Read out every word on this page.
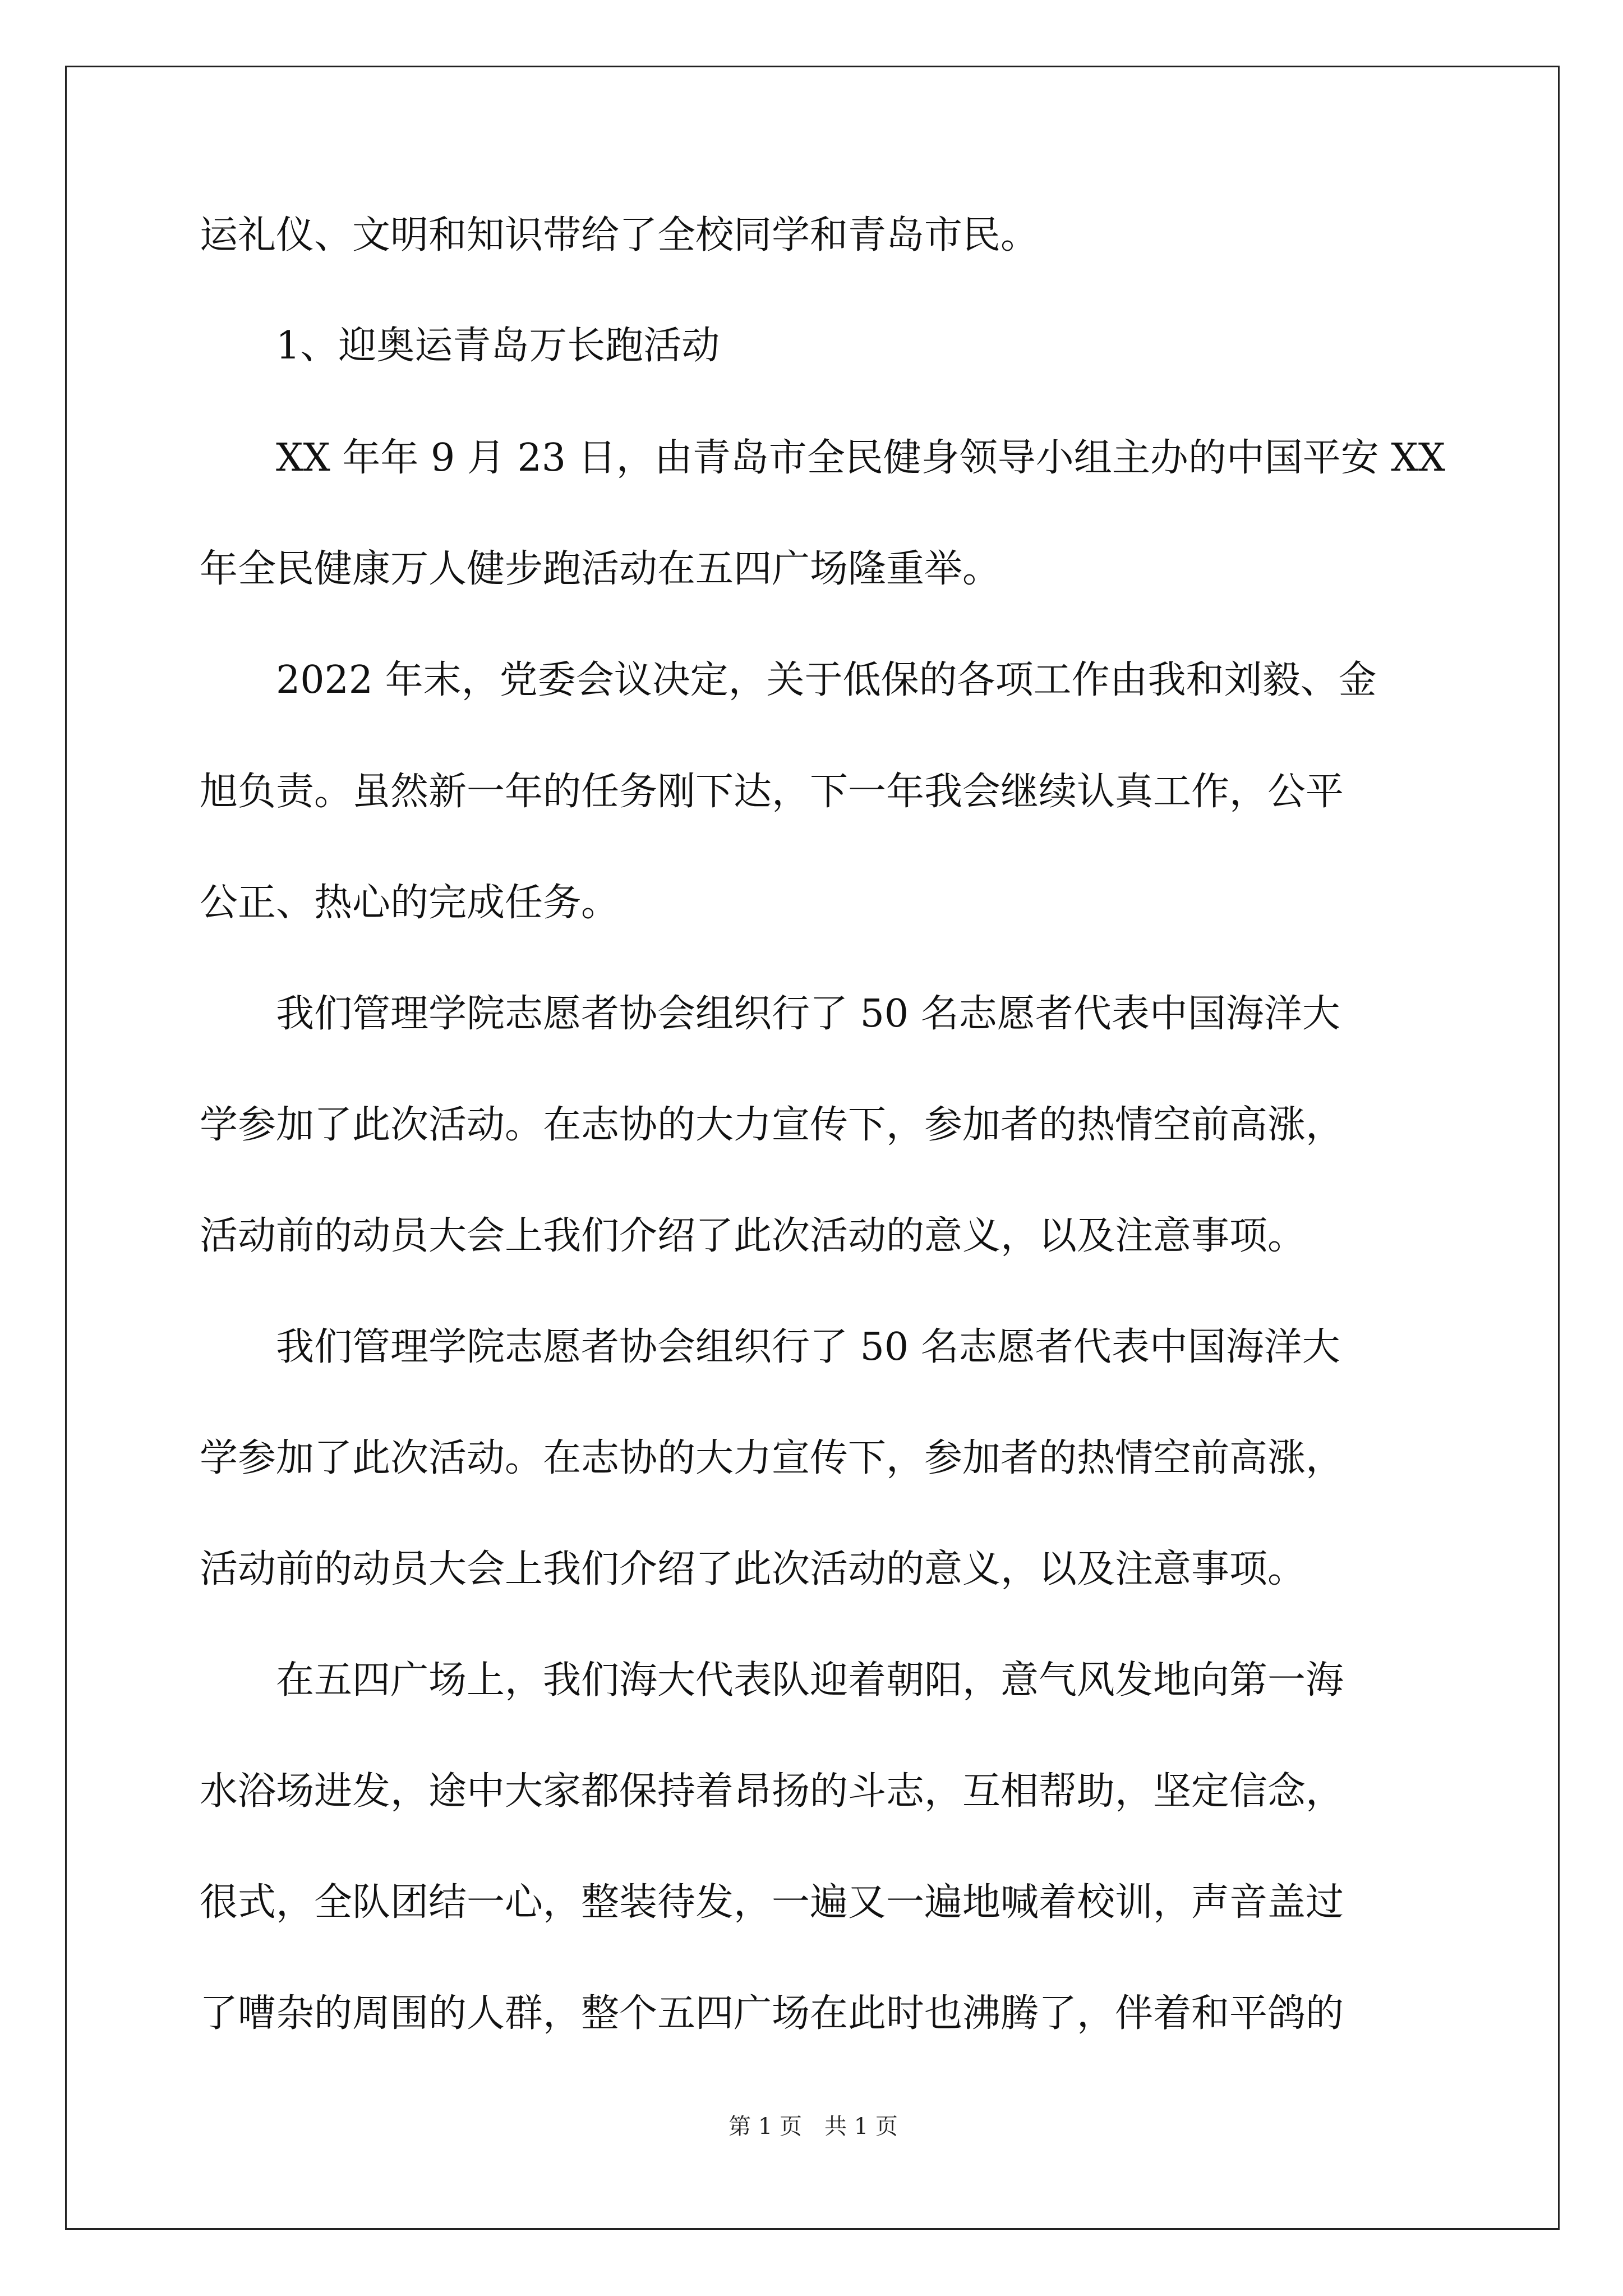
运礼仪、文明和知识带给了全校同学和青岛市民。
1、迎奥运青岛万长跑活动
XX 年年 9 月 23 日，由青岛市全民健身领导小组主办的中国平安 XX
年全民健康万人健步跑活动在五四广场隆重举。
2022 年末，党委会议决定，关于低保的各项工作由我和刘毅、金
旭负责。虽然新一年的任务刚下达，下一年我会继续认真工作，公平
公正、热心的完成任务。
我们管理学院志愿者协会组织行了 50 名志愿者代表中国海洋大
学参加了此次活动。在志协的大力宣传下，参加者的热情空前高涨，
活动前的动员大会上我们介绍了此次活动的意义，以及注意事项。
我们管理学院志愿者协会组织行了 50 名志愿者代表中国海洋大
学参加了此次活动。在志协的大力宣传下，参加者的热情空前高涨，
活动前的动员大会上我们介绍了此次活动的意义，以及注意事项。
在五四广场上，我们海大代表队迎着朝阳，意气风发地向第一海
水浴场进发，途中大家都保持着昂扬的斗志，互相帮助，坚定信念，
很式，全队团结一心，整装待发，一遍又一遍地喊着校训，声音盖过
了嘈杂的周围的人群，整个五四广场在此时也沸腾了，伴着和平鸽的
第 1 页　共 1 页
